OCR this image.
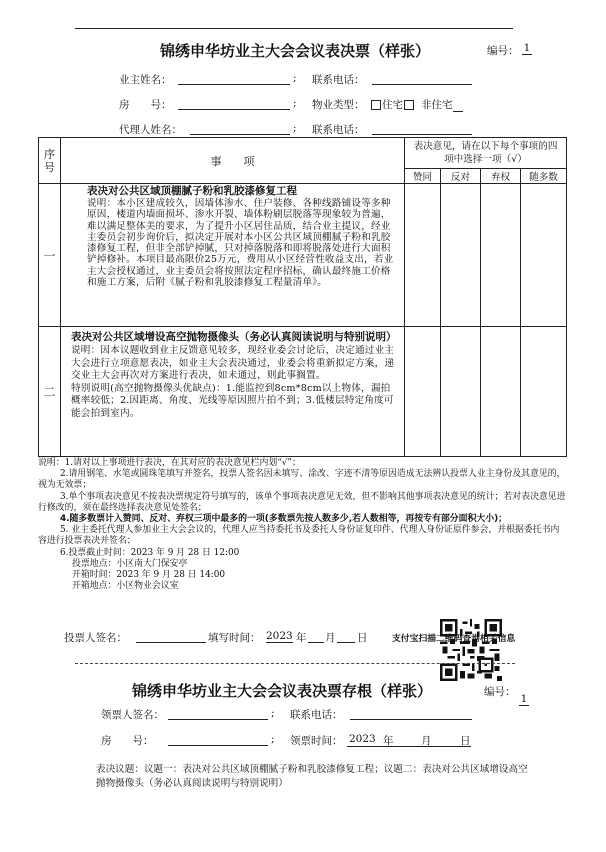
锦绣申华坊业主大会会议表决票（样张）	编号： 1
业主姓名：	; 联系电话：
房　　号：	; 物业类型：	住宅 非住宅
代理人姓名：	; 联系电话：
序号	事　　项	表决意见，请在以下每个事项的四项中选择一项（√）			

		赞同	反对	弃权	随多数
一	表决对公共区域顶棚腻子粉和乳胶漆修复工程
说明：本小区建成较久，因墙体渗水、住户装修、各种线路铺设等多种原因，楼道内墙面损坏、渗水开裂、墙体粉刷层脱落等现象较为普遍，难以满足整体美的要求，为了提升小区居住品质，结合业主提议，经业主委员会初步询价后，拟决定开展对本小区公共区域顶棚腻子粉和乳胶漆修复工程，但非全部铲掉腻，只对掉落脱落和即将脱落处进行大面积铲掉修补。本项目最高限价25万元，费用从小区经营性收益支出，若业主大会授权通过，业主委员会将按照法定程序招标，确认最终施工价格和施工方案，后附《腻子粉和乳胶漆修复工程量清单》。				

二	表决对公共区域增设高空抛物摄像头（务必认真阅读说明与特别说明）
说明：因本议题收到业主反馈意见较多，现经业委会讨论后，决定通过业主大会进行立项意愿表决，如业主大会表决通过，业委会将重新拟定方案，递交业主大会再次对方案进行表决，如未通过，则此事搁置。
特别说明(高空抛物摄像头优缺点)：1.能监控到8cm*8cm以上物体，漏拍概率较低；2.因距离、角度、光线等原因照片拍不到；3.低楼层特定角度可能会拍到室内。				

说明：1.请对以上事项进行表决，在其对应的表决意见栏内划“√”；

2.请用钢笔、水笔或圆珠笔填写并签名，投票人签名因未填写、涂改、字迹不清等原因造成无法辨认投票人业主身份及其意见的，视为无效票；

3.单个事项表决意见不按表决票规定符号填写的，该单个事项表决意见无效，但不影响其他事项表决意见的统计；若对表决意见进行修改的，须在最终选择表决意见处签名；

4.随多数票计入赞同、反对、弃权三项中最多的一项(多数票先按人数多少,若人数相等，再按专有部分面积大小)；

5. 业主委托代理人参加业主大会会议的，代理人应当持委托书及委托人身份证复印件、代理人身份证原件参会，并根据委托书内容进行投票表决并签名；

6.投票截止时间：2023 年 9 月 28 日 12:00

投票地点：小区南大门保安亭

开箱时间：2023 年 9 月 28 日 14:00

开箱地点：小区物业会议室

投票人签名：	填写时间： 2023 年 月 日	支付宝扫描二维码查询相关信息
锦绣申华坊业主大会会议表决票存根（样张）	编号：
1
领票人签名：	; 联系电话：
房　　号：	; 领票时间： 2023 年	月	日
表决议题：议题一：表决对公共区域顶棚腻子粉和乳胶漆修复工程；议题二：表决对公共区域增设高空抛物摄像头（务必认真阅读说明与特别说明）
